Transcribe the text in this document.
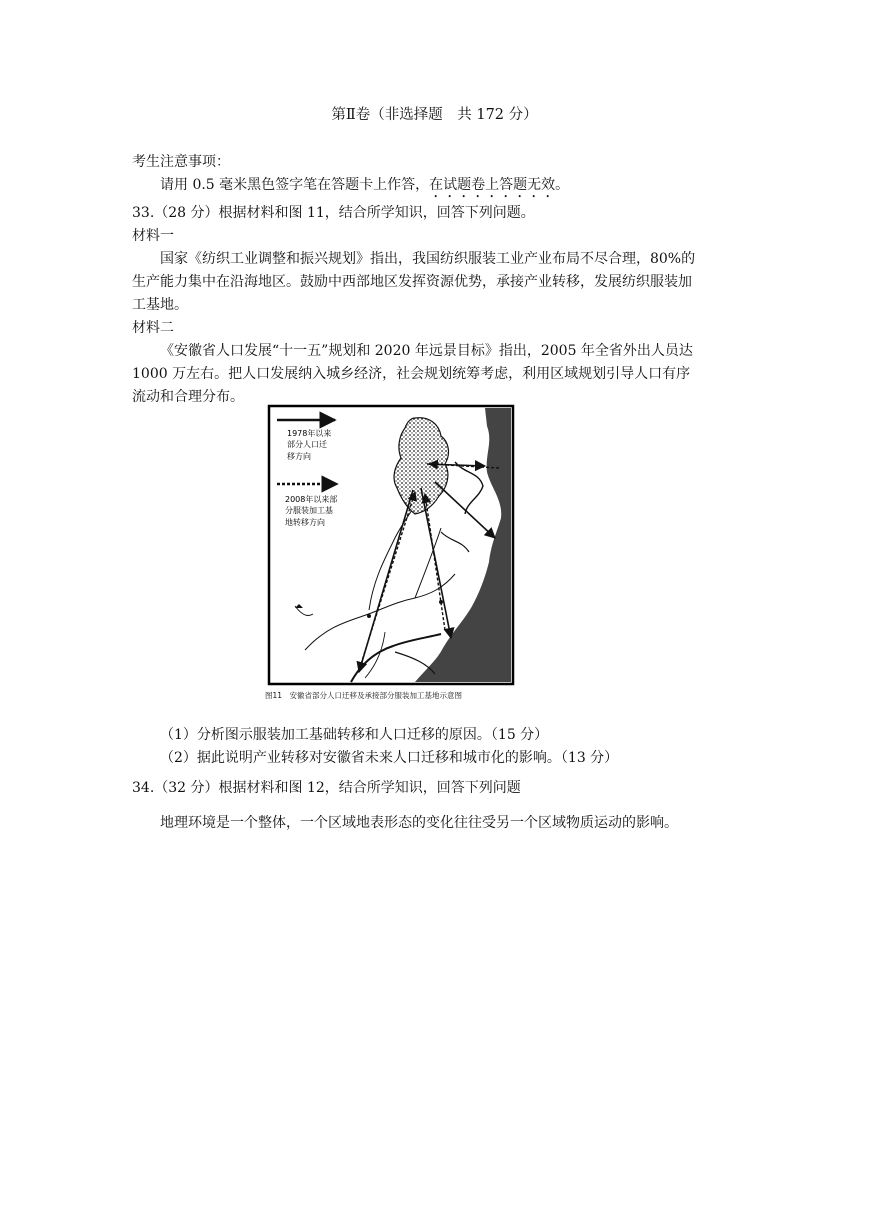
第Ⅱ卷（非选择题　共 172 分）
考生注意事项：
请用 0.5 毫米黑色签字笔在答题卡上作答，在试题卷上答题无效。
33.（28 分）根据材料和图 11，结合所学知识，回答下列问题。
材料一
国家《纺织工业调整和振兴规划》指出，我国纺织服装工业产业布局不尽合理，80%的
生产能力集中在沿海地区。鼓励中西部地区发挥资源优势，承接产业转移，发展纺织服装加
工基地。
材料二
《安徽省人口发展“十一五”规划和 2020 年远景目标》指出，2005 年全省外出人员达
1000 万左右。把人口发展纳入城乡经济，社会规划统筹考虑，利用区域规划引导人口有序
流动和合理分布。
1978年以来
部分人口迁
移方向
2008年以来部
分服装加工基
地转移方向
图11　安徽省部分人口迁移及承接部分服装加工基地示意图
（1）分析图示服装加工基础转移和人口迁移的原因。（15 分）
（2）据此说明产业转移对安徽省未来人口迁移和城市化的影响。（13 分）
34.（32 分）根据材料和图 12，结合所学知识，回答下列问题
地理环境是一个整体，一个区域地表形态的变化往往受另一个区域物质运动的影响。
